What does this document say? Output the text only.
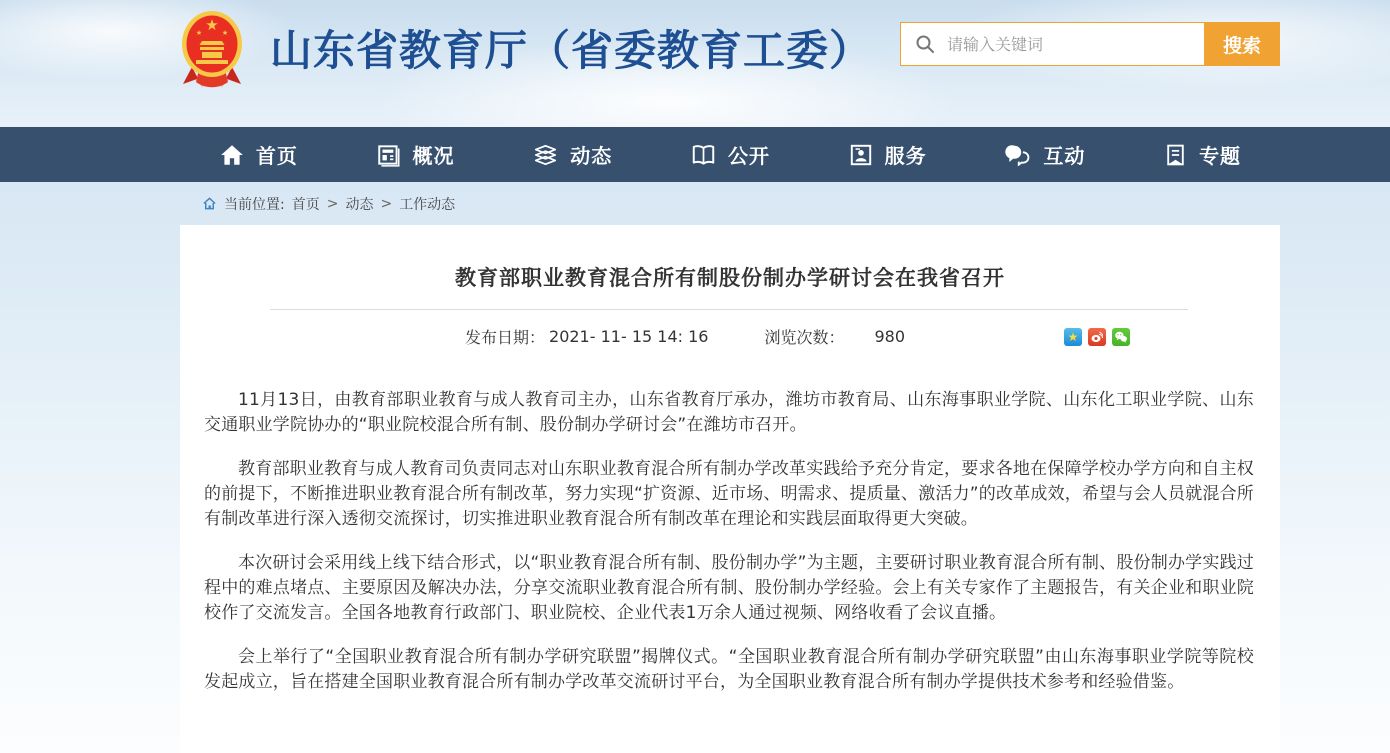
★
★	★ 山东省教育厅（省委教育工委）
请输入关键词	搜索
首页	概况	动态	公开	服务	互动	专题
当前位置: 首页 > 动态 > 工作动态
教育部职业教育混合所有制股份制办学研讨会在我省召开
发布日期： 2021- 11- 15 14: 16	浏览次数： 980	★

11月13日，由教育部职业教育与成人教育司主办，山东省教育厅承办，潍坊市教育局、山东海事职业学院、山东化工职业学院、山东交通职业学院协办的“职业院校混合所有制、股份制办学研讨会”在潍坊市召开。

教育部职业教育与成人教育司负责同志对山东职业教育混合所有制办学改革实践给予充分肯定，要求各地在保障学校办学方向和自主权的前提下，不断推进职业教育混合所有制改革，努力实现“扩资源、近市场、明需求、提质量、激活力”的改革成效，希望与会人员就混合所有制改革进行深入透彻交流探讨，切实推进职业教育混合所有制改革在理论和实践层面取得更大突破。

本次研讨会采用线上线下结合形式，以“职业教育混合所有制、股份制办学”为主题，主要研讨职业教育混合所有制、股份制办学实践过程中的难点堵点、主要原因及解决办法，分享交流职业教育混合所有制、股份制办学经验。会上有关专家作了主题报告，有关企业和职业院校作了交流发言。全国各地教育行政部门、职业院校、企业代表1万余人通过视频、网络收看了会议直播。

会上举行了“全国职业教育混合所有制办学研究联盟”揭牌仪式。“全国职业教育混合所有制办学研究联盟”由山东海事职业学院等院校发起成立，旨在搭建全国职业教育混合所有制办学改革交流研讨平台，为全国职业教育混合所有制办学提供技术参考和经验借鉴。
